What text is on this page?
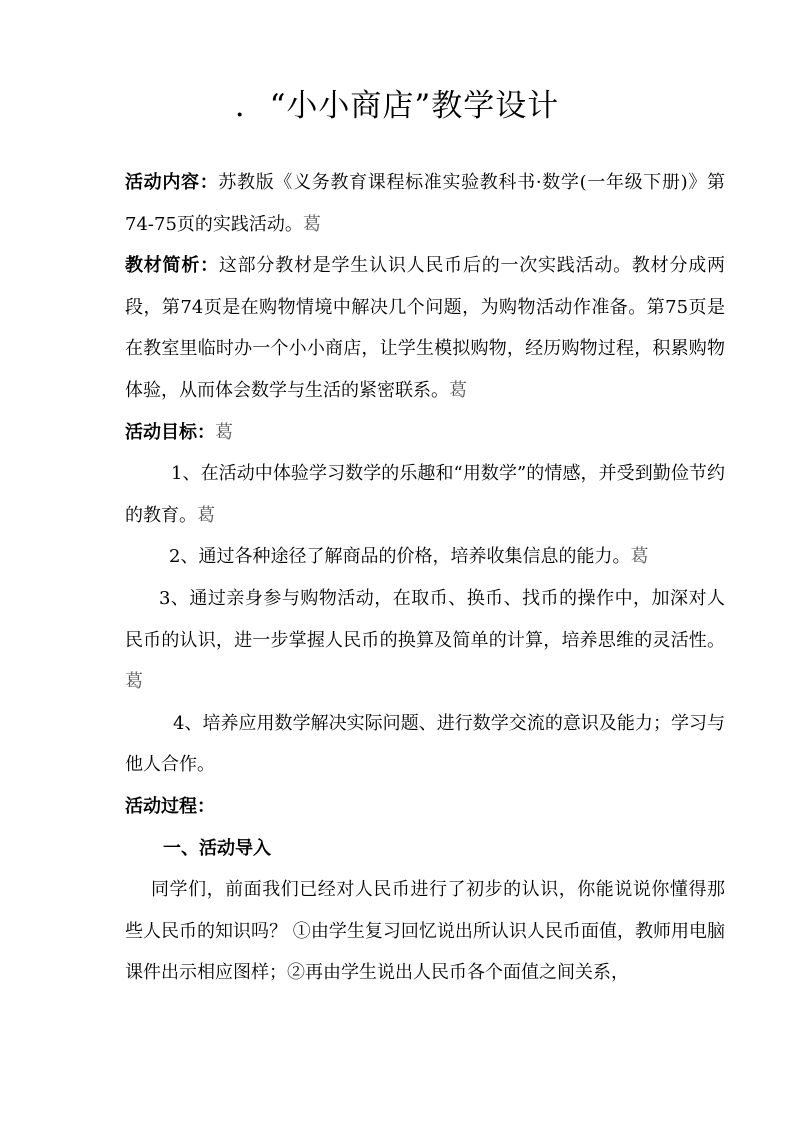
. “小小商店”教学设计

活动内容：苏教版《义务教育课程标准实验教科书·数学(一年级下册)》第74-75页的实践活动。葛

教材简析：这部分教材是学生认识人民币后的一次实践活动。教材分成两段，第74页是在购物情境中解决几个问题，为购物活动作准备。第75页是在教室里临时办一个小小商店，让学生模拟购物，经历购物过程，积累购物体验，从而体会数学与生活的紧密联系。葛

活动目标：葛

1、在活动中体验学习数学的乐趣和“用数学”的情感，并受到勤俭节约的教育。葛

2、通过各种途径了解商品的价格，培养收集信息的能力。葛

3、通过亲身参与购物活动，在取币、换币、找币的操作中，加深对人民币的认识，进一步掌握人民币的换算及简单的计算，培养思维的灵活性。葛

4、培养应用数学解决实际问题、进行数学交流的意识及能力；学习与他人合作。

活动过程：

一、活动导入

同学们，前面我们已经对人民币进行了初步的认识，你能说说你懂得那些人民币的知识吗？ ①由学生复习回忆说出所认识人民币面值，教师用电脑课件出示相应图样；②再由学生说出人民币各个面值之间关系，
